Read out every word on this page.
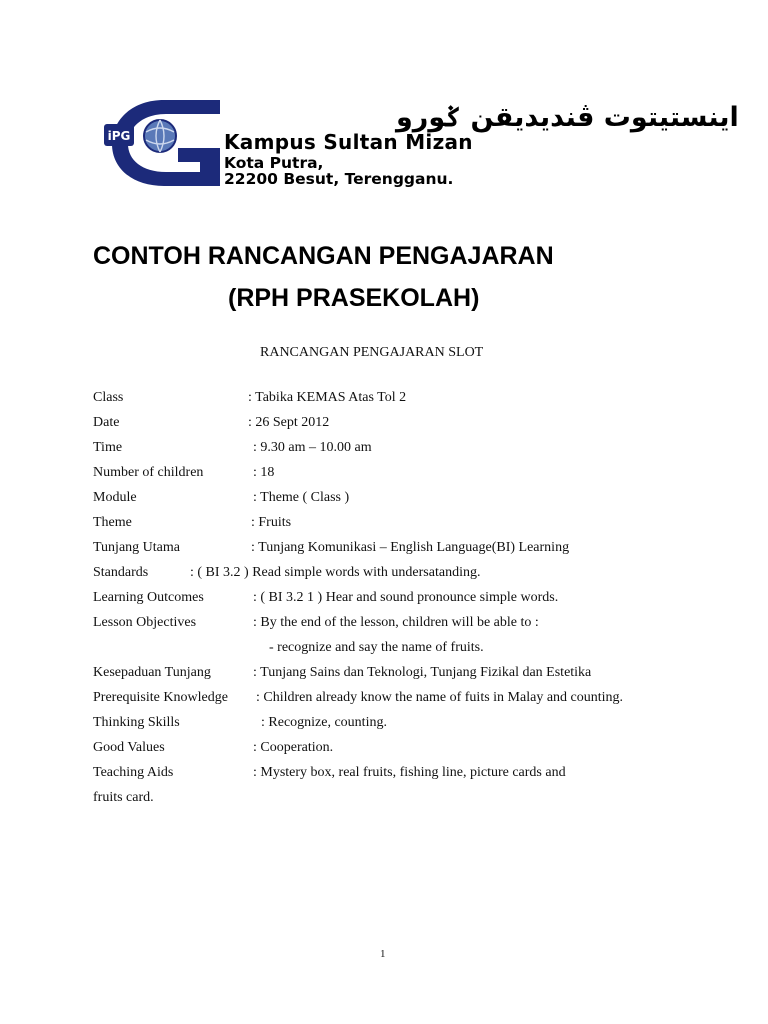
iPG
اينستيتوت ڤنديديقن ݢورو
Kampus Sultan Mizan
Kota Putra,
22200 Besut, Terengganu.
CONTOH RANCANGAN PENGAJARAN
(RPH PRASEKOLAH)
RANCANGAN PENGAJARAN SLOT
Class	: Tabika KEMAS Atas Tol 2
Date	: 26 Sept 2012
Time	: 9.30 am – 10.00 am
Number of children	: 18
Module	: Theme ( Class )
Theme	: Fruits
Tunjang Utama	: Tunjang Komunikasi – English Language(BI) Learning
Standards	: ( BI 3.2 ) Read simple words with undersatanding.
Learning Outcomes	: ( BI 3.2 1 ) Hear and sound pronounce simple words.
Lesson Objectives	: By the end of the lesson, children will be able to :
- recognize and say the name of fruits.
Kesepaduan Tunjang	: Tunjang Sains dan Teknologi, Tunjang Fizikal dan Estetika
Prerequisite Knowledge : Children already know the name of fuits in Malay and counting.
Thinking Skills	: Recognize, counting.
Good Values	: Cooperation.
Teaching Aids	: Mystery box, real fruits, fishing line, picture cards and
fruits card.
1
